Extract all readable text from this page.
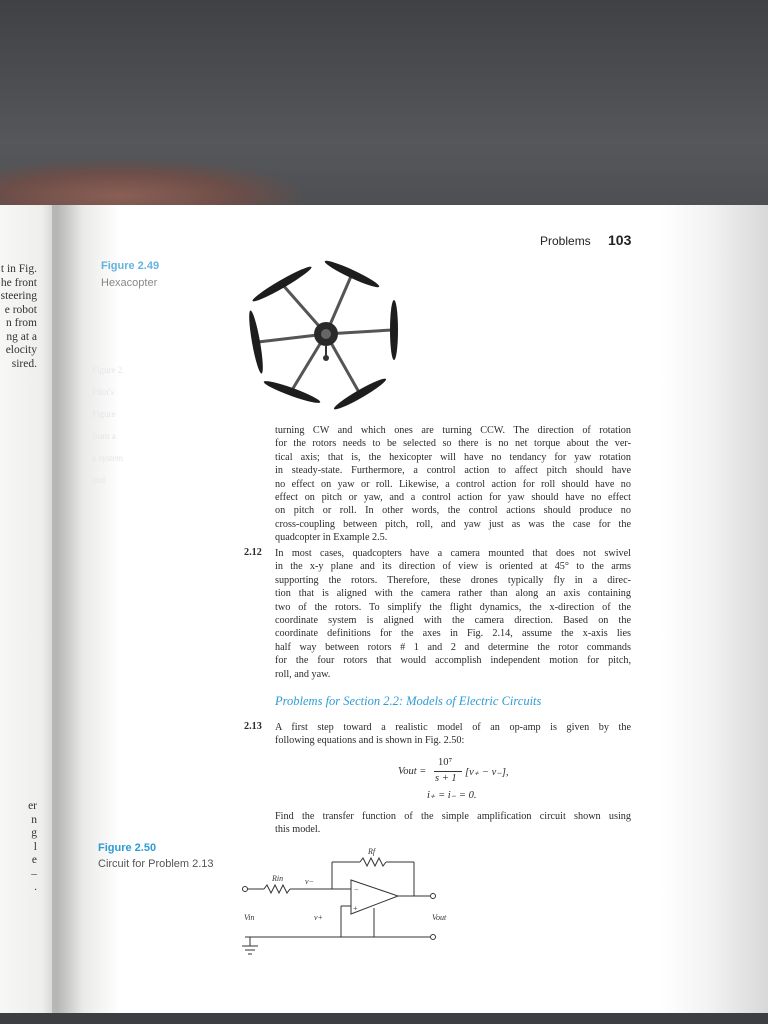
t in Fig.
he front
steering
e robot
n from
ng at a
elocity
sired.
er
n
g
l
e
–
.
Problems 103
Figure 2.49
Hexacopter
Figure 2.
Pilot's
Figure
from a
a system
and
turning CW and which ones are turning CCW. The direction of rotation
for the rotors needs to be selected so there is no net torque about the ver-
tical axis; that is, the hexicopter will have no tendancy for yaw rotation
in steady-state. Furthermore, a control action to affect pitch should have
no effect on yaw or roll. Likewise, a control action for roll should have no
effect on pitch or yaw, and a control action for yaw should have no effect
on pitch or roll. In other words, the control actions should produce no
cross-coupling between pitch, roll, and yaw just as was the case for the
quadcopter in Example 2.5.
2.12 In most cases, quadcopters have a camera mounted that does not swivel
in the x-y plane and its direction of view is oriented at 45° to the arms
supporting the rotors. Therefore, these drones typically fly in a direc-
tion that is aligned with the camera rather than along an axis containing
two of the rotors. To simplify the flight dynamics, the x-direction of the
coordinate system is aligned with the camera direction. Based on the
coordinate definitions for the axes in Fig. 2.14, assume the x-axis lies
half way between rotors # 1 and 2 and determine the rotor commands
for the four rotors that would accomplish independent motion for pitch,
roll, and yaw.
Problems for Section 2.2: Models of Electric Circuits
2.13 A first step toward a realistic model of an op-amp is given by the
following equations and is shown in Fig. 2.50:
Vout =
10⁷
s + 1
[v₊ − v₋],
i₊ = i₋ = 0.
Find the transfer function of the simple amplification circuit shown using
this model.
Figure 2.50
Circuit for Problem 2.13
Rf
Rin	v−
v+
Vin	Vout
−
+
